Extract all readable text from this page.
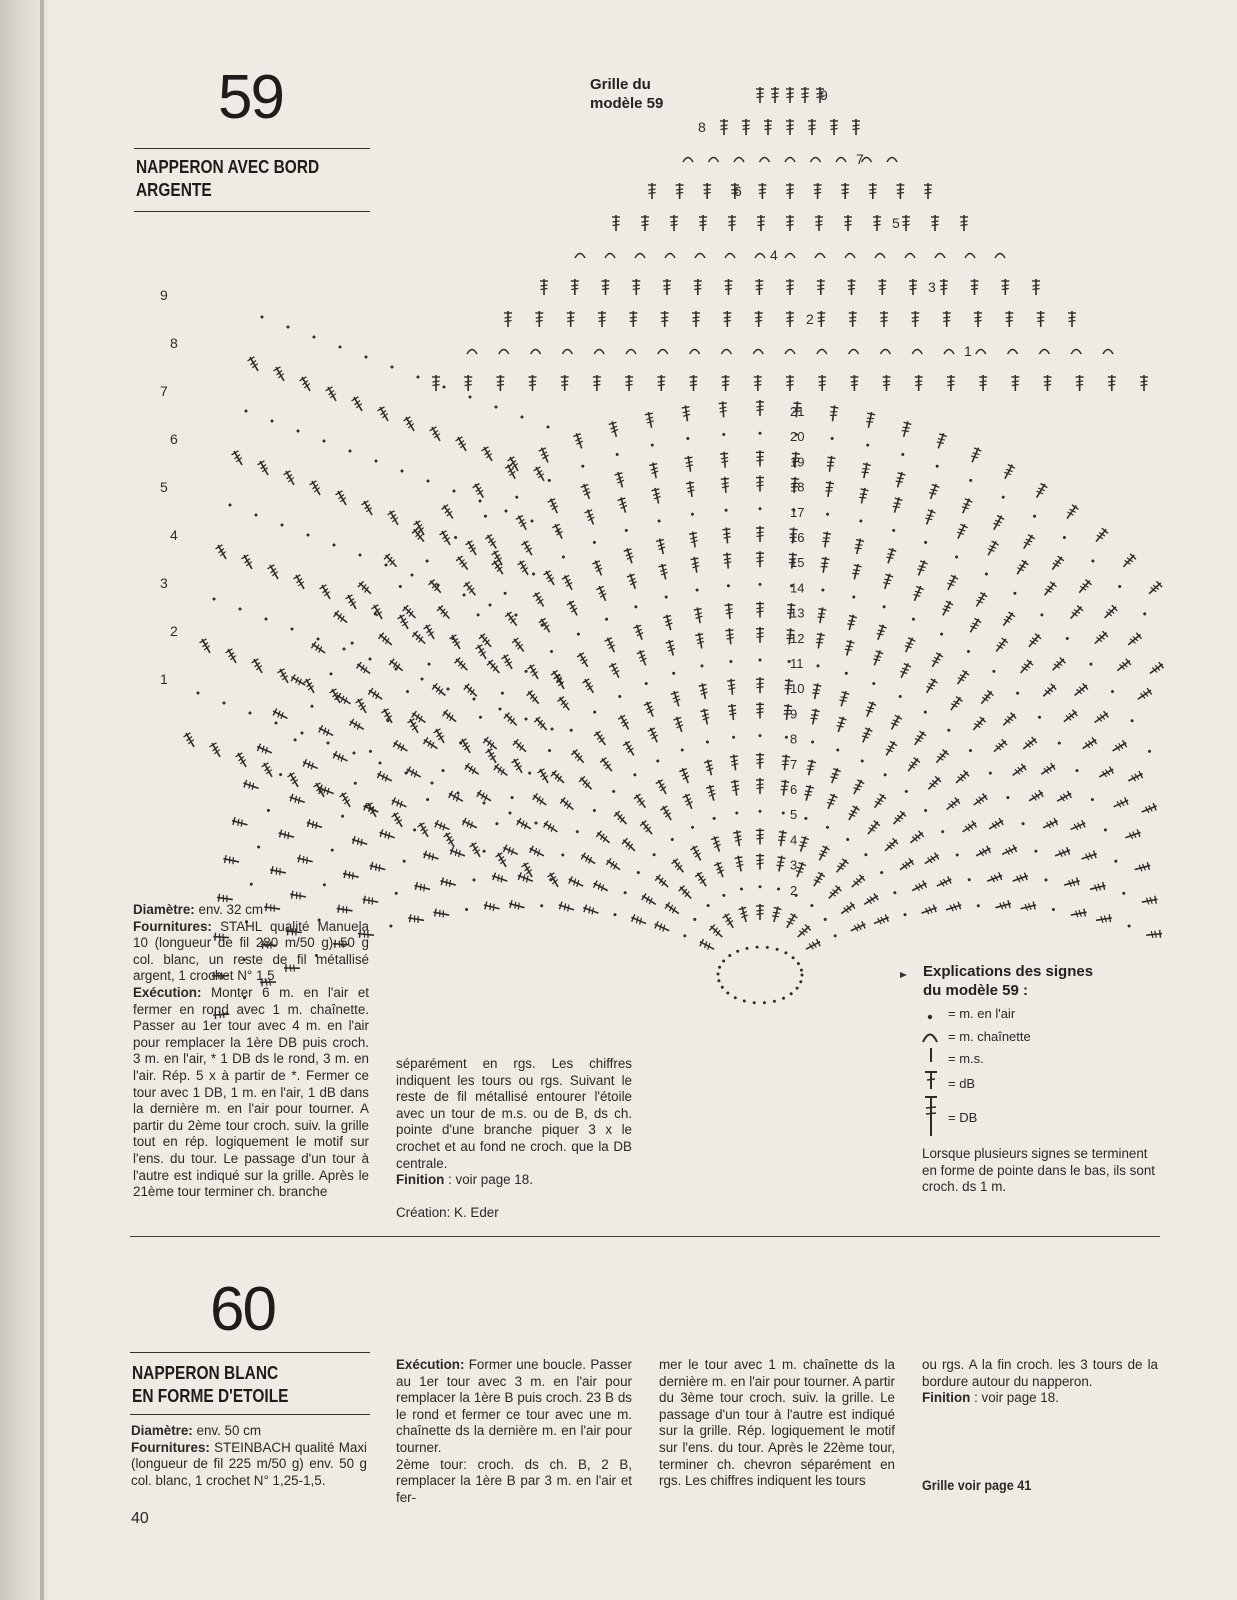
59
NAPPERON AVEC BORD
ARGENTE
Grille du
modèle 59
21
20
19
18
17
16
15
14
13
12
11
10
9
8
7
6
5
4
3
2
9
8
7
6
5
4
3
2
1
9
8
7
6
5
4
3
2
1
Diamètre: env. 32 cm
Fournitures: STAHL qualité Manuela 10 (longueur de fil 280 m/50 g) 50 g col. blanc, un reste de fil métallisé argent, 1 crochet N° 1,5
Exécution: Monter 6 m. en l'air et fermer en rond avec 1 m. chaînette. Passer au 1er tour avec 4 m. en l'air pour remplacer la 1ère DB puis croch. 3 m. en l'air, * 1 DB ds le rond, 3 m. en l'air. Rép. 5 x à partir de *. Fermer ce tour avec 1 DB, 1 m. en l'air, 1 dB dans la dernière m. en l'air pour tourner. A partir du 2ème tour croch. suiv. la grille tout en rép. logiquement le motif sur l'ens. du tour. Le passage d'un tour à l'autre est indiqué sur la grille. Après le 21ème tour terminer ch. branche
séparément en rgs. Les chiffres indiquent les tours ou rgs. Suivant le reste de fil métallisé entourer l'étoile avec un tour de m.s. ou de B, ds ch. pointe d'une branche piquer 3 x le crochet et au fond ne croch. que la DB centrale.
Finition : voir page 18.
Création: K. Eder
Explications des signes
du modèle 59 :
= m. en l'air
= m. chaînette
= m.s.
= dB
= DB
Lorsque plusieurs signes se terminent en forme de pointe dans le bas, ils sont croch. ds 1 m.
60
NAPPERON BLANC
EN FORME D'ETOILE
Diamètre: env. 50 cm
Fournitures: STEINBACH qualité Maxi (longueur de fil 225 m/50 g) env. 50 g col. blanc, 1 crochet N° 1,25-1,5.
Exécution: Former une boucle. Passer au 1er tour avec 3 m. en l'air pour remplacer la 1ère B puis croch. 23 B ds le rond et fermer ce tour avec une m. chaînette ds la dernière m. en l'air pour tourner.
2ème tour: croch. ds ch. B, 2 B, remplacer la 1ère B par 3 m. en l'air et fer-
mer le tour avec 1 m. chaînette ds la dernière m. en l'air pour tourner. A partir du 3ème tour croch. suiv. la grille. Le passage d'un tour à l'autre est indiqué sur la grille. Rép. logiquement le motif sur l'ens. du tour. Après le 22ème tour, terminer ch. chevron séparément en rgs. Les chiffres indiquent les tours
ou rgs. A la fin croch. les 3 tours de la bordure autour du napperon.
Finition : voir page 18.
Grille voir page 41
40
